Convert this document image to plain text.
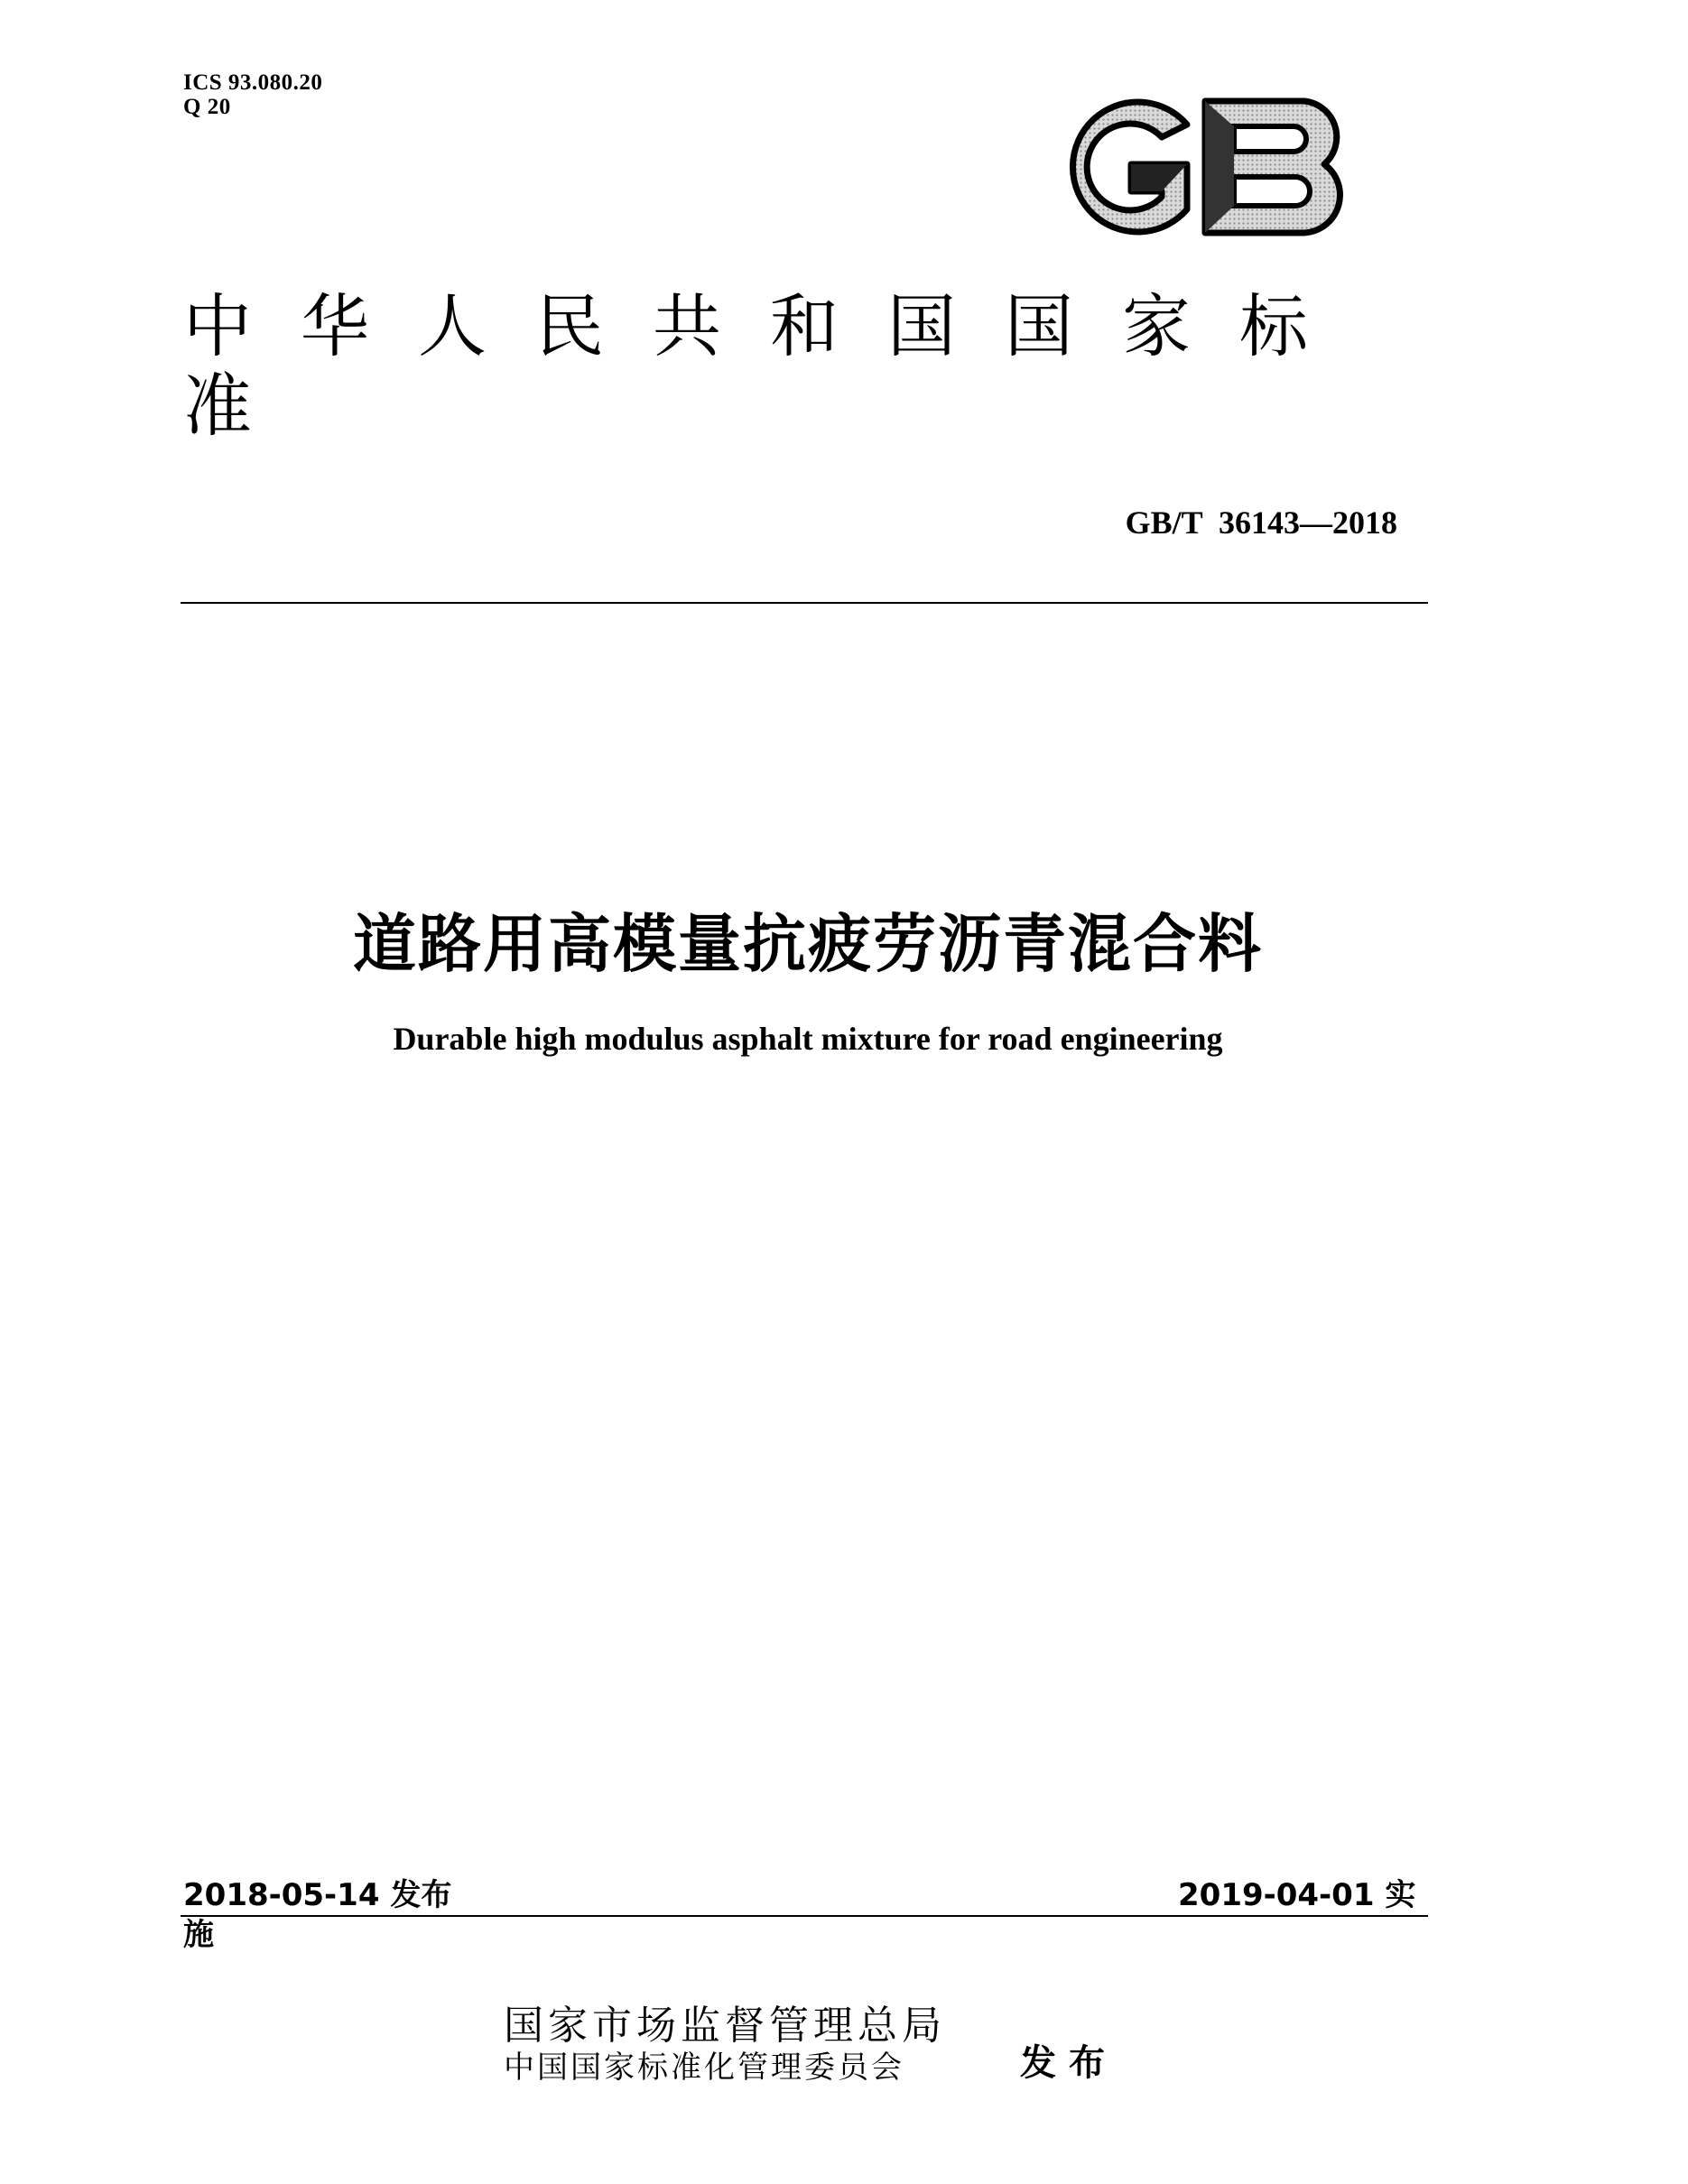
ICS 93.080.20
Q 20
中华人民共和国国家标准
GB/T  36143—2018
道路用高模量抗疲劳沥青混合料
Durable high modulus asphalt mixture for road engineering
2018-05-14 发布	2019-04-01 实
施
国家市场监督管理总局
中国国家标准化管理委员会	发布
